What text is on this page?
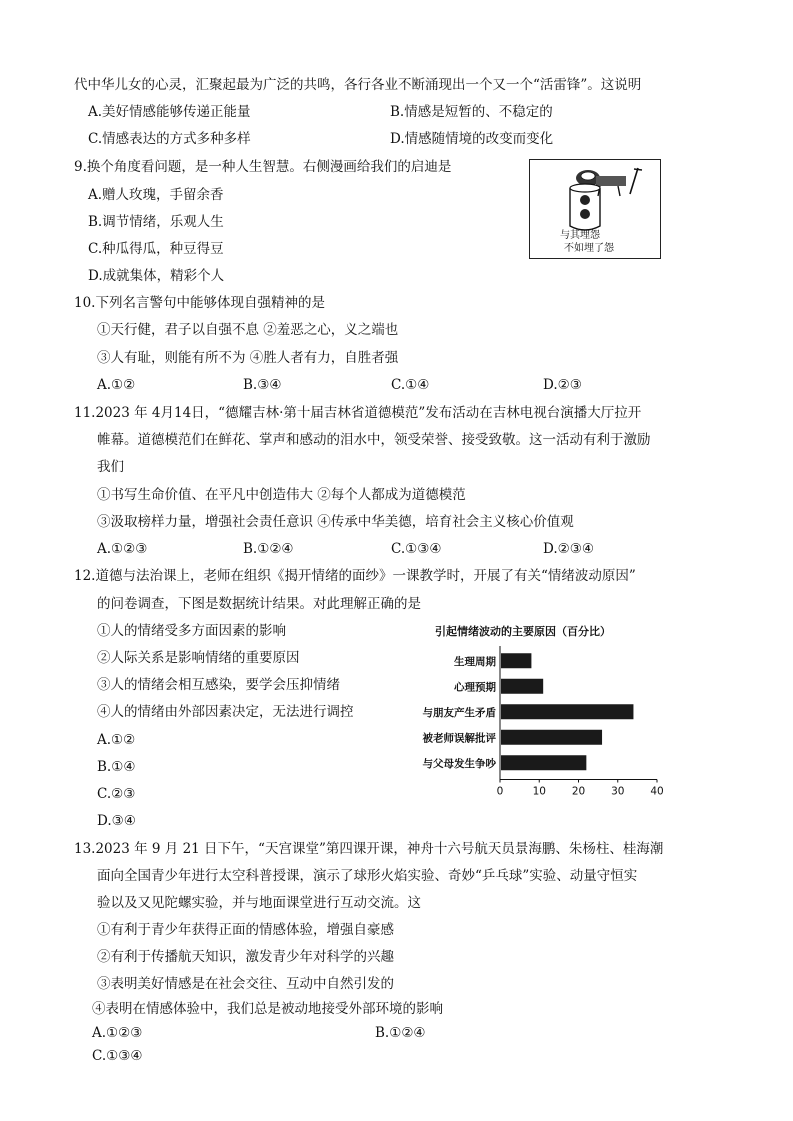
代中华儿女的心灵，汇聚起最为广泛的共鸣，各行各业不断涌现出一个又一个“活雷锋”。这说明
A.美好情感能够传递正能量	B.情感是短暂的、不稳定的
C.情感表达的方式多种多样	D.情感随情境的改变而变化
9.换个角度看问题，是一种人生智慧。右侧漫画给我们的启迪是
A.赠人玫瑰，手留余香
B.调节情绪，乐观人生
C.种瓜得瓜，种豆得豆
D.成就集体，精彩个人
与其埋怨
不如埋了怨
10.下列名言警句中能够体现自强精神的是
①天行健，君子以自强不息 ②羞恶之心，义之端也
③人有耻，则能有所不为 ④胜人者有力，自胜者强
A.①②	B.③④	C.①④	D.②③
11.2023 年 4月14日，“德耀吉林·第十届吉林省道德模范”发布活动在吉林电视台演播大厅拉开
帷幕。道德模范们在鲜花、掌声和感动的泪水中，领受荣誉、接受致敬。这一活动有利于激励
我们
①书写生命价值、在平凡中创造伟大 ②每个人都成为道德模范
③汲取榜样力量，增强社会责任意识 ④传承中华美德，培育社会主义核心价值观
A.①②③	B.①②④	C.①③④	D.②③④
12.道德与法治课上，老师在组织《揭开情绪的面纱》一课教学时，开展了有关“情绪波动原因”
的问卷调查，下图是数据统计结果。对此理解正确的是
①人的情绪受多方面因素的影响
②人际关系是影响情绪的重要原因
③人的情绪会相互感染，要学会压抑情绪
④人的情绪由外部因素决定，无法进行调控
A.①②
B.①④
C.②③
D.③④
引起情绪波动的主要原因（百分比）
生理周期
心理预期
与朋友产生矛盾
被老师误解批评
与父母发生争吵
0	10 20 30 40
13.2023 年 9 月 21 日下午，“天宫课堂”第四课开课，神舟十六号航天员景海鹏、朱杨柱、桂海潮
面向全国青少年进行太空科普授课，演示了球形火焰实验、奇妙“乒乓球”实验、动量守恒实
验以及又见陀螺实验，并与地面课堂进行互动交流。这
①有利于青少年获得正面的情感体验，增强自豪感
②有利于传播航天知识，激发青少年对科学的兴趣
③表明美好情感是在社会交往、互动中自然引发的
④表明在情感体验中，我们总是被动地接受外部环境的影响
A.①②③	B.①②④
C.①③④
